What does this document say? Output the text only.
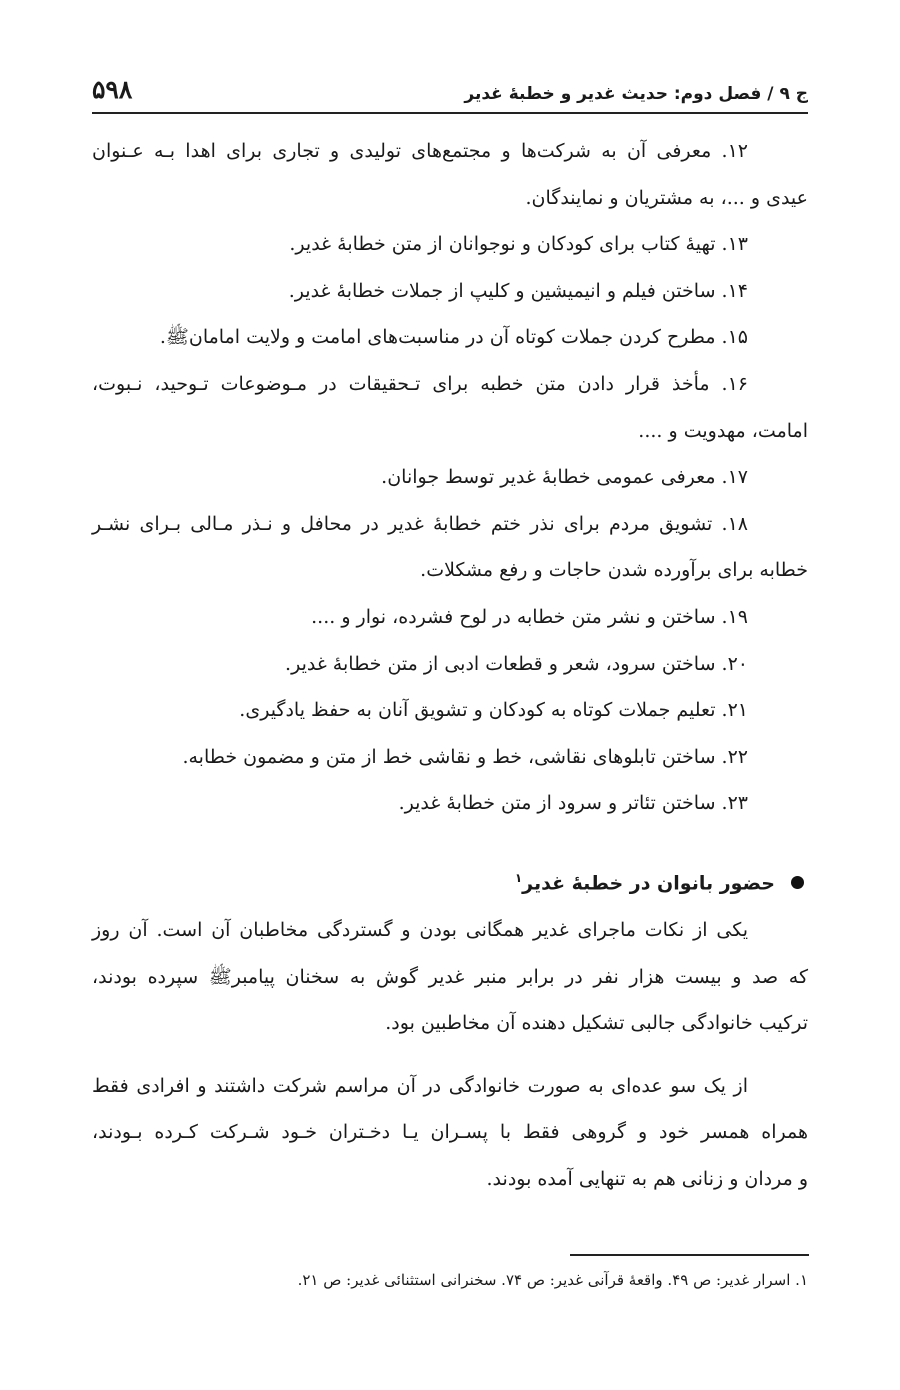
ج ۹ / فصل دوم: حدیث غدیر و خطبهٔ غدیر
۵۹۸
۱۲. معرفی آن به شرکت‌ها و مجتمع‌های تولیدی و تجاری برای اهدا بـه عـنوان
عیدی و ...، به مشتریان و نمایندگان.
۱۳. تهیهٔ کتاب برای کودکان و نوجوانان از متن خطابهٔ غدیر.
۱۴. ساختن فیلم و انیمیشین و کلیپ از جملات خطابهٔ غدیر.
۱۵. مطرح کردن جملات کوتاه آن در مناسبت‌های امامت و ولایت امامانﷺ.
۱۶. مأخذ قرار دادن متن خطبه برای تـحقیقات در مـوضوعات تـوحید، نـبوت،
امامت، مهدویت و ....
۱۷. معرفی عمومی خطابهٔ غدیر توسط جوانان.
۱۸. تشویق مردم برای نذر ختم خطابهٔ غدیر در محافل و نـذر مـالی بـرای نشـر
خطابه برای برآورده شدن حاجات و رفع مشکلات.
۱۹. ساختن و نشر متن خطابه در لوح فشرده، نوار و ....
۲۰. ساختن سرود، شعر و قطعات ادبی از متن خطابهٔ غدیر.
۲۱. تعلیم جملات کوتاه به کودکان و تشویق آنان به حفظ یادگیری.
۲۲. ساختن تابلوهای نقاشی، خط و نقاشی خط از متن و مضمون خطابه.
۲۳. ساختن تئاتر و سرود از متن خطابهٔ غدیر.
حضور بانوان در خطبهٔ غدیر$^۱$
یکی از نکات ماجرای غدیر همگانی بودن و گستردگی مخاطبان آن است. آن روز
که صد و بیست هزار نفر در برابر منبر غدیر گوش به سخنان پیامبرﷺ سپرده بودند،
ترکیب خانوادگی جالبی تشکیل دهنده آن مخاطبین بود.
از یک سو عده‌ای به صورت خانوادگی در آن مراسم شرکت داشتند و افرادی فقط
همراه همسر خود و گروهی فقط با پسـران یـا دخـتران خـود شـرکت کـرده بـودند،
و مردان و زنانی هم به تنهایی آمده بودند.
۱. اسرار غدیر: ص ۴۹. واقعهٔ قرآنی غدیر: ص ۷۴. سخنرانی استثنائی غدیر: ص ۲۱.
